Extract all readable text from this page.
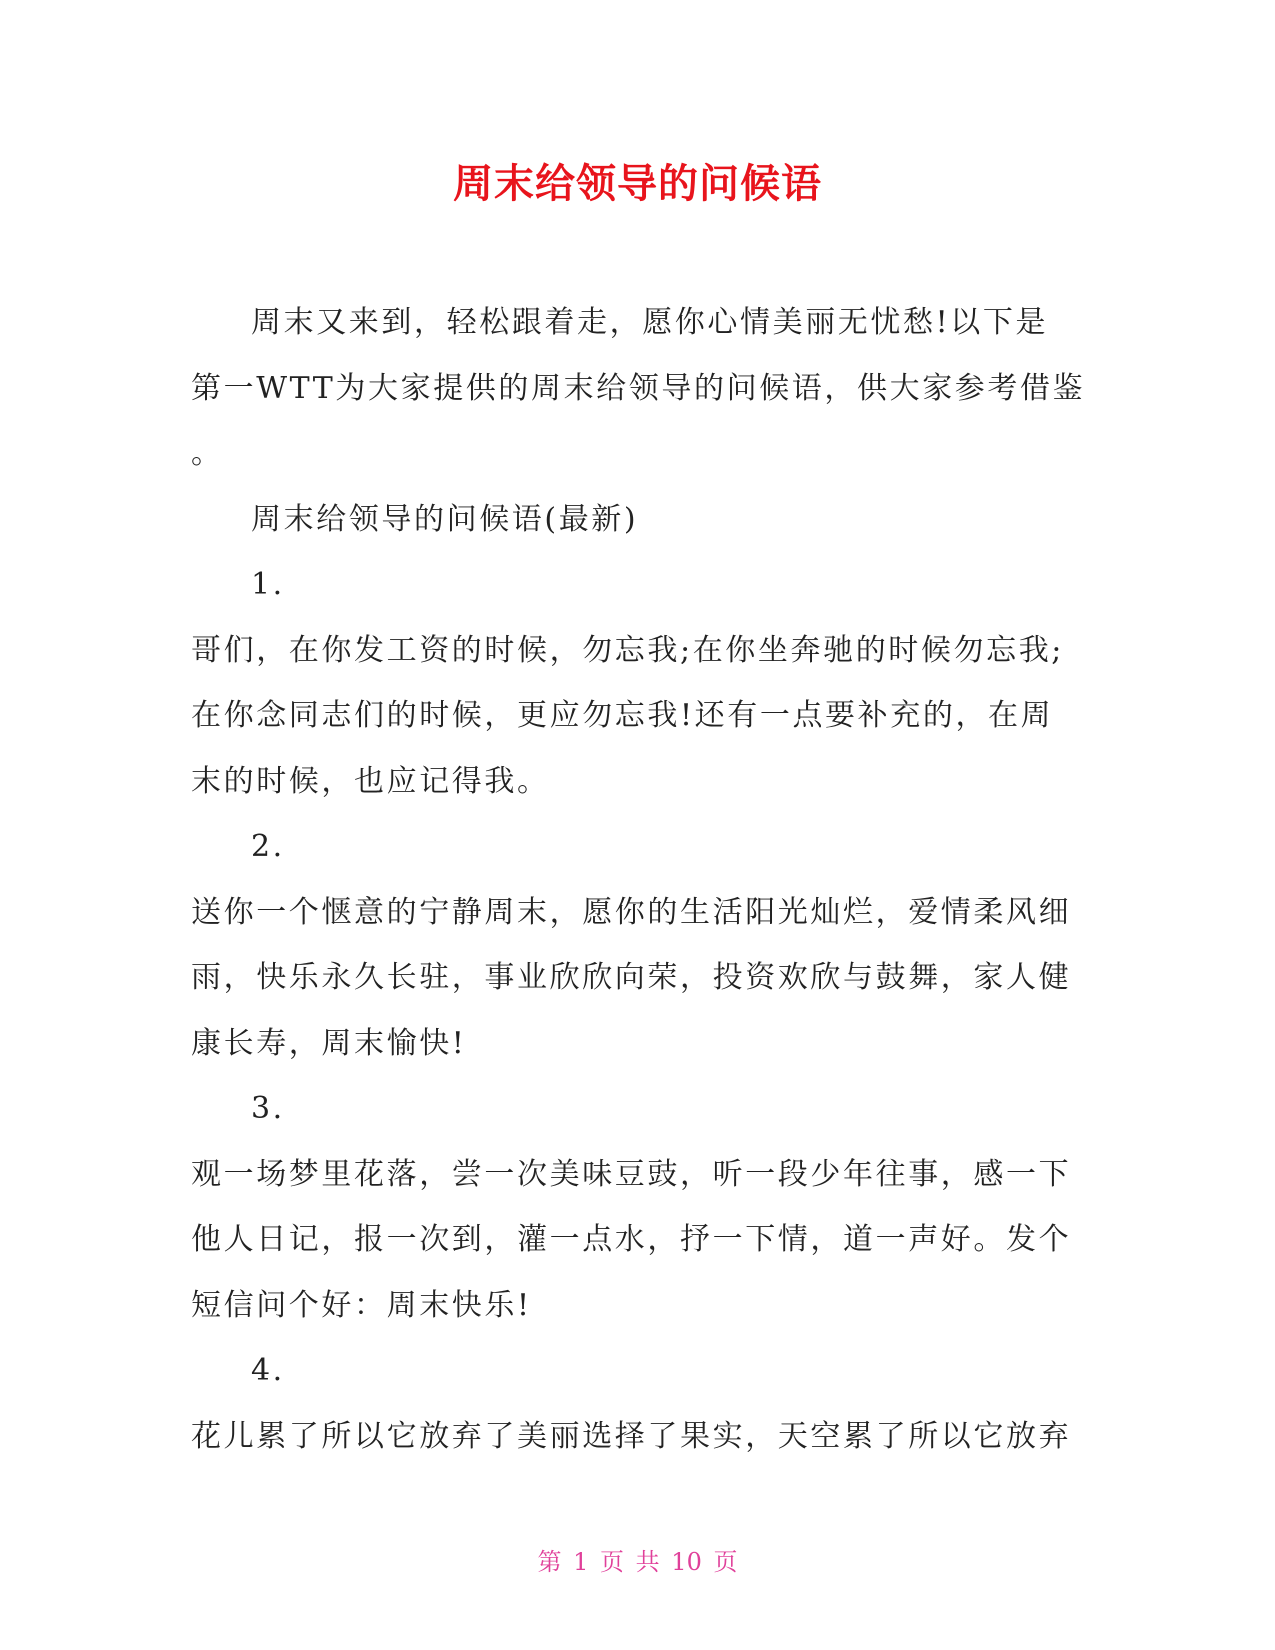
周末给领导的问候语

周末又来到，轻松跟着走，愿你心情美丽无忧愁!以下是

第一WTT为大家提供的周末给领导的问候语，供大家参考借鉴

。

周末给领导的问候语(最新)

1.

哥们，在你发工资的时候，勿忘我;在你坐奔驰的时候勿忘我;

在你念同志们的时候，更应勿忘我!还有一点要补充的，在周

末的时候，也应记得我。

2.

送你一个惬意的宁静周末，愿你的生活阳光灿烂，爱情柔风细

雨，快乐永久长驻，事业欣欣向荣，投资欢欣与鼓舞，家人健

康长寿，周末愉快!

3.

观一场梦里花落，尝一次美味豆豉，听一段少年往事，感一下

他人日记，报一次到，灌一点水，抒一下情，道一声好。发个

短信问个好：周末快乐!

4.

花儿累了所以它放弃了美丽选择了果实，天空累了所以它放弃

第 1 页 共 10 页
